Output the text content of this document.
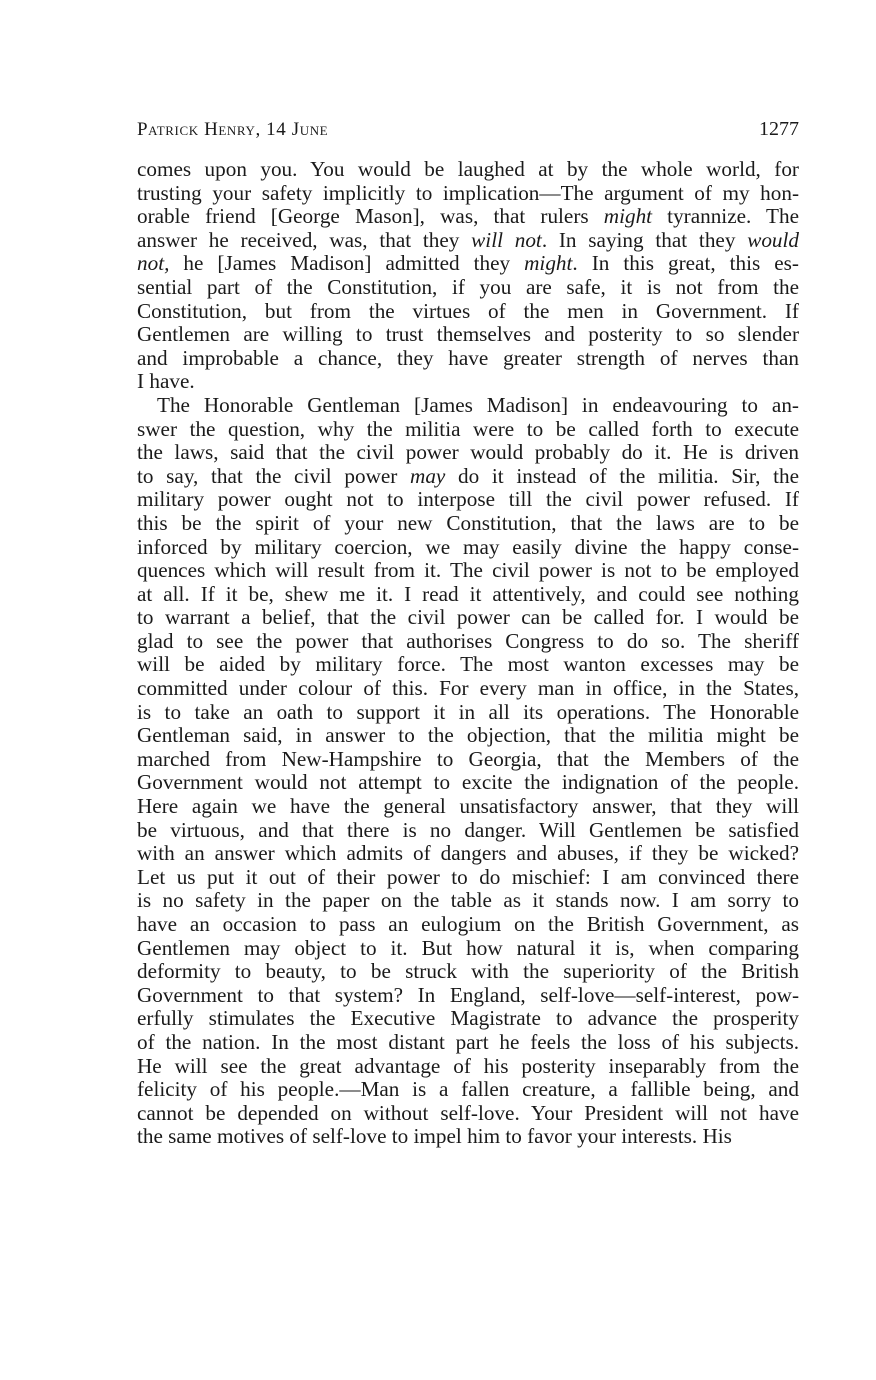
Patrick Henry, 14 June	1277

comes upon you. You would be laughed at by the whole world, for
trusting your safety implicitly to implication—The argument of my hon-
orable friend [George Mason], was, that rulers might tyrannize. The
answer he received, was, that they will not. In saying that they would
not, he [James Madison] admitted they might. In this great, this es-
sential part of the Constitution, if you are safe, it is not from the
Constitution, but from the virtues of the men in Government. If
Gentlemen are willing to trust themselves and posterity to so slender
and improbable a chance, they have greater strength of nerves than
I have.

The Honorable Gentleman [James Madison] in endeavouring to an-
swer the question, why the militia were to be called forth to execute
the laws, said that the civil power would probably do it. He is driven
to say, that the civil power may do it instead of the militia. Sir, the
military power ought not to interpose till the civil power refused. If
this be the spirit of your new Constitution, that the laws are to be
inforced by military coercion, we may easily divine the happy conse-
quences which will result from it. The civil power is not to be employed
at all. If it be, shew me it. I read it attentively, and could see nothing
to warrant a belief, that the civil power can be called for. I would be
glad to see the power that authorises Congress to do so. The sheriff
will be aided by military force. The most wanton excesses may be
committed under colour of this. For every man in office, in the States,
is to take an oath to support it in all its operations. The Honorable
Gentleman said, in answer to the objection, that the militia might be
marched from New-Hampshire to Georgia, that the Members of the
Government would not attempt to excite the indignation of the people.
Here again we have the general unsatisfactory answer, that they will
be virtuous, and that there is no danger. Will Gentlemen be satisfied
with an answer which admits of dangers and abuses, if they be wicked?
Let us put it out of their power to do mischief: I am convinced there
is no safety in the paper on the table as it stands now. I am sorry to
have an occasion to pass an eulogium on the British Government, as
Gentlemen may object to it. But how natural it is, when comparing
deformity to beauty, to be struck with the superiority of the British
Government to that system? In England, self-love—self-interest, pow-
erfully stimulates the Executive Magistrate to advance the prosperity
of the nation. In the most distant part he feels the loss of his subjects.
He will see the great advantage of his posterity inseparably from the
felicity of his people.—Man is a fallen creature, a fallible being, and
cannot be depended on without self-love. Your President will not have
the same motives of self-love to impel him to favor your interests. His
